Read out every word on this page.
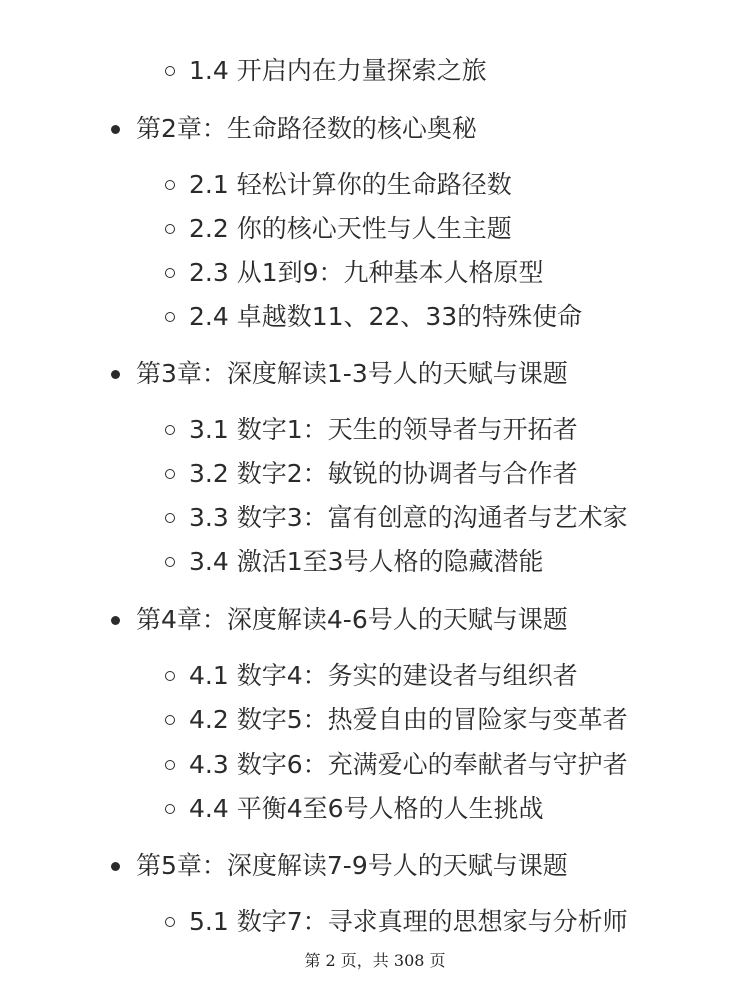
1.4 开启内在力量探索之旅
第2章：生命路径数的核心奥秘
2.1 轻松计算你的生命路径数
2.2 你的核心天性与人生主题
2.3 从1到9：九种基本人格原型
2.4 卓越数11、22、33的特殊使命
第3章：深度解读1-3号人的天赋与课题
3.1 数字1：天生的领导者与开拓者
3.2 数字2：敏锐的协调者与合作者
3.3 数字3：富有创意的沟通者与艺术家
3.4 激活1至3号人格的隐藏潜能
第4章：深度解读4-6号人的天赋与课题
4.1 数字4：务实的建设者与组织者
4.2 数字5：热爱自由的冒险家与变革者
4.3 数字6：充满爱心的奉献者与守护者
4.4 平衡4至6号人格的人生挑战
第5章：深度解读7-9号人的天赋与课题
5.1 数字7：寻求真理的思想家与分析师
第 2 页，共 308 页
